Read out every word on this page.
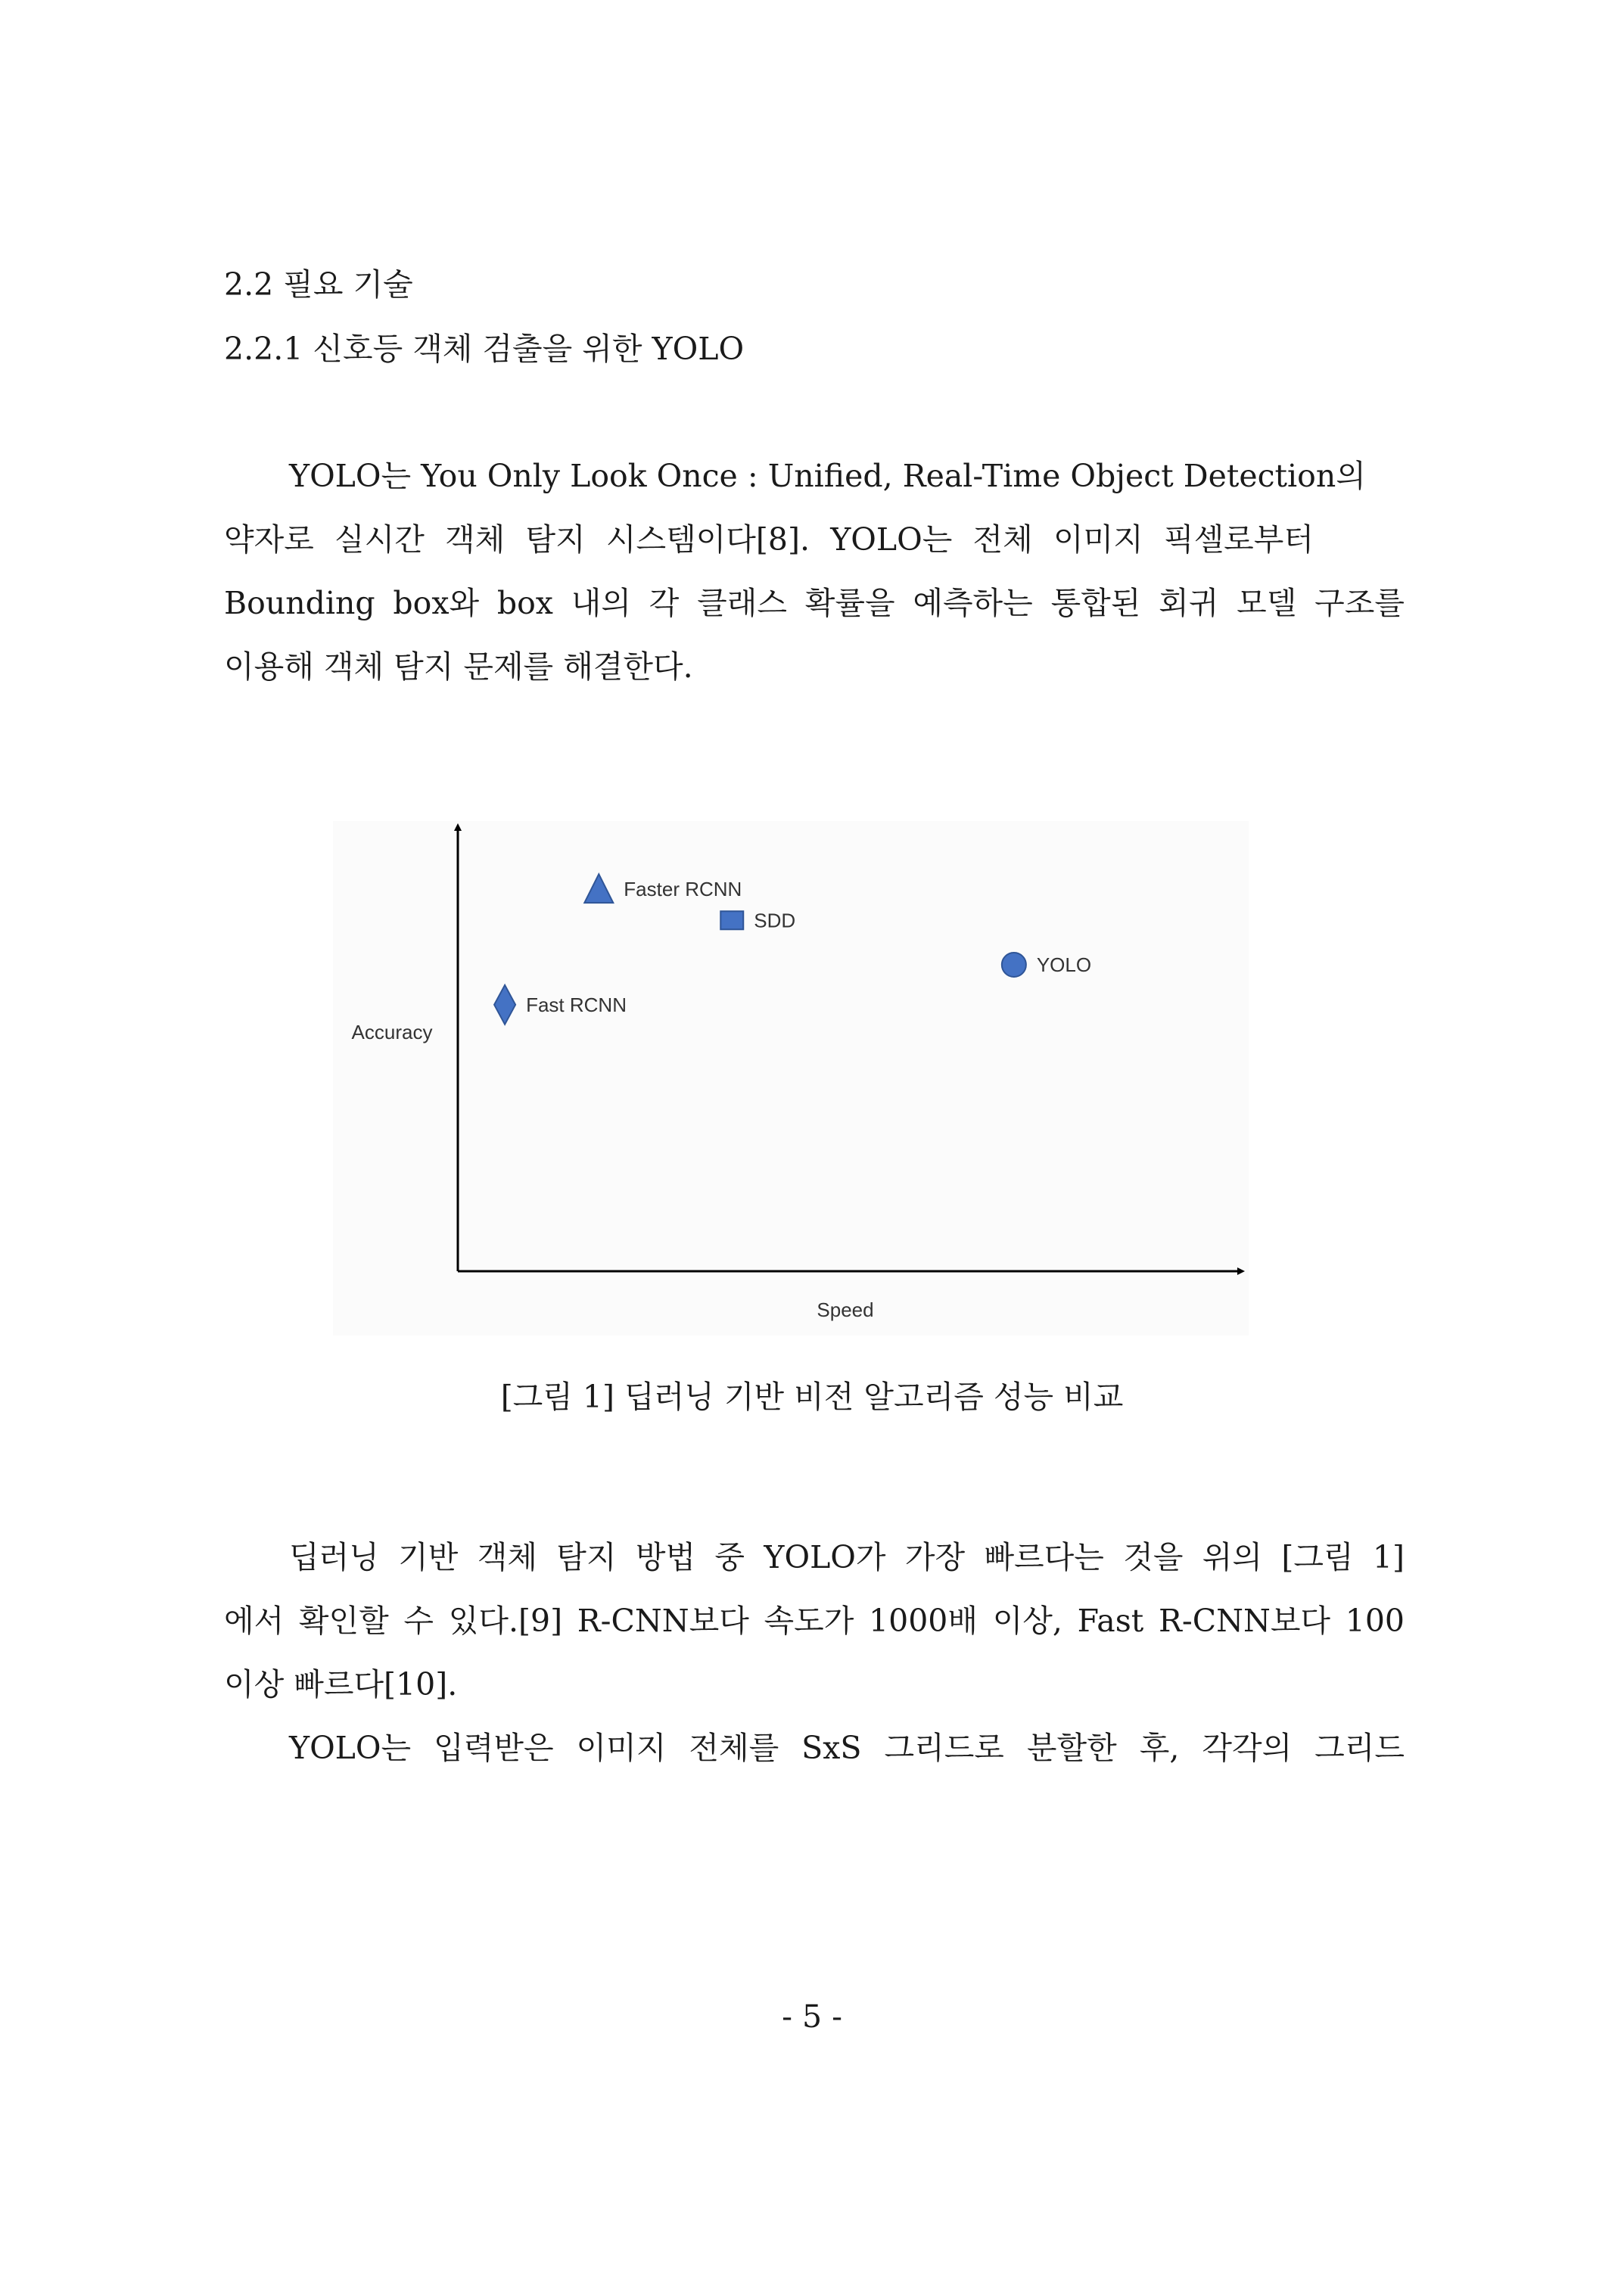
2.2 필요 기술
2.2.1 신호등 객체 검출을 위한 YOLO
YOLO는 You Only Look Once : Unified, Real-Time Object Detection의
약자로 실시간 객체 탐지 시스템이다[8]. YOLO는 전체 이미지 픽셀로부터
Bounding box와 box 내의 각 클래스 확률을 예측하는 통합된 회귀 모델 구조를
이용해 객체 탐지 문제를 해결한다.
Faster RCNN
SDD
YOLO
Fast RCNN
Accuracy
Speed
[그림 1] 딥러닝 기반 비전 알고리즘 성능 비교
딥러닝 기반 객체 탐지 방법 중 YOLO가 가장 빠르다는 것을 위의 [그림 1]
에서 확인할 수 있다.[9] R-CNN보다 속도가 1000배 이상, Fast R-CNN보다 100
이상 빠르다[10].
YOLO는 입력받은 이미지 전체를 SxS 그리드로 분할한 후, 각각의 그리드
- 5 -
